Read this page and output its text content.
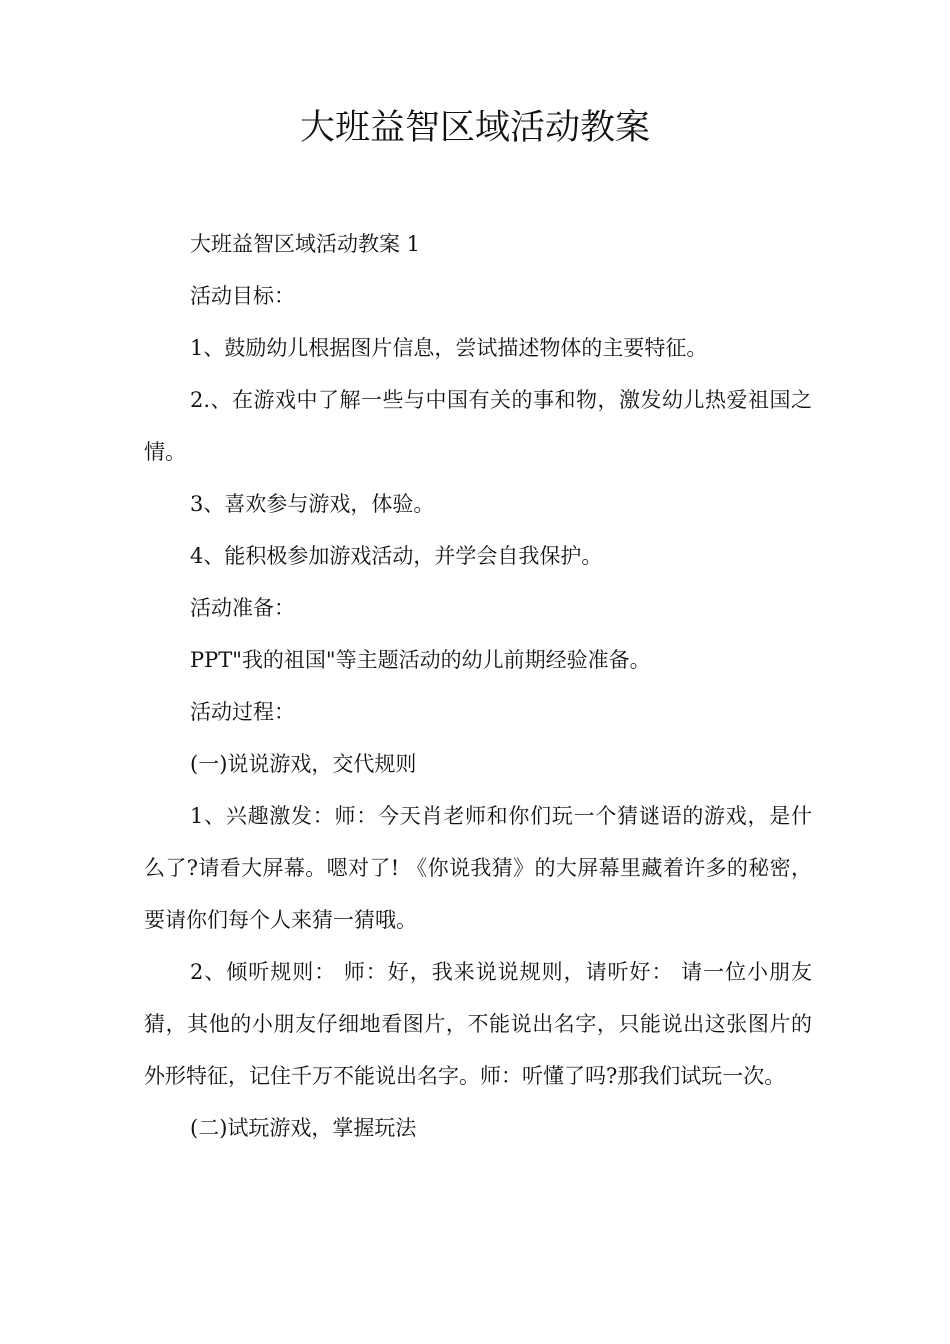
大班益智区域活动教案

大班益智区域活动教案 1

活动目标：

1、鼓励幼儿根据图片信息，尝试描述物体的主要特征。

2.、在游戏中了解一些与中国有关的事和物，激发幼儿热爱祖国之情。

3、喜欢参与游戏，体验。

4、能积极参加游戏活动，并学会自我保护。

活动准备：

PPT"我的祖国"等主题活动的幼儿前期经验准备。

活动过程：

(一)说说游戏，交代规则

1、兴趣激发：师：今天肖老师和你们玩一个猜谜语的游戏，是什么了?请看大屏幕。嗯对了! 《你说我猜》的大屏幕里藏着许多的秘密，要请你们每个人来猜一猜哦。

2、倾听规则： 师：好，我来说说规则，请听好： 请一位小朋友猜，其他的小朋友仔细地看图片，不能说出名字，只能说出这张图片的外形特征，记住千万不能说出名字。师：听懂了吗?那我们试玩一次。

(二)试玩游戏，掌握玩法
